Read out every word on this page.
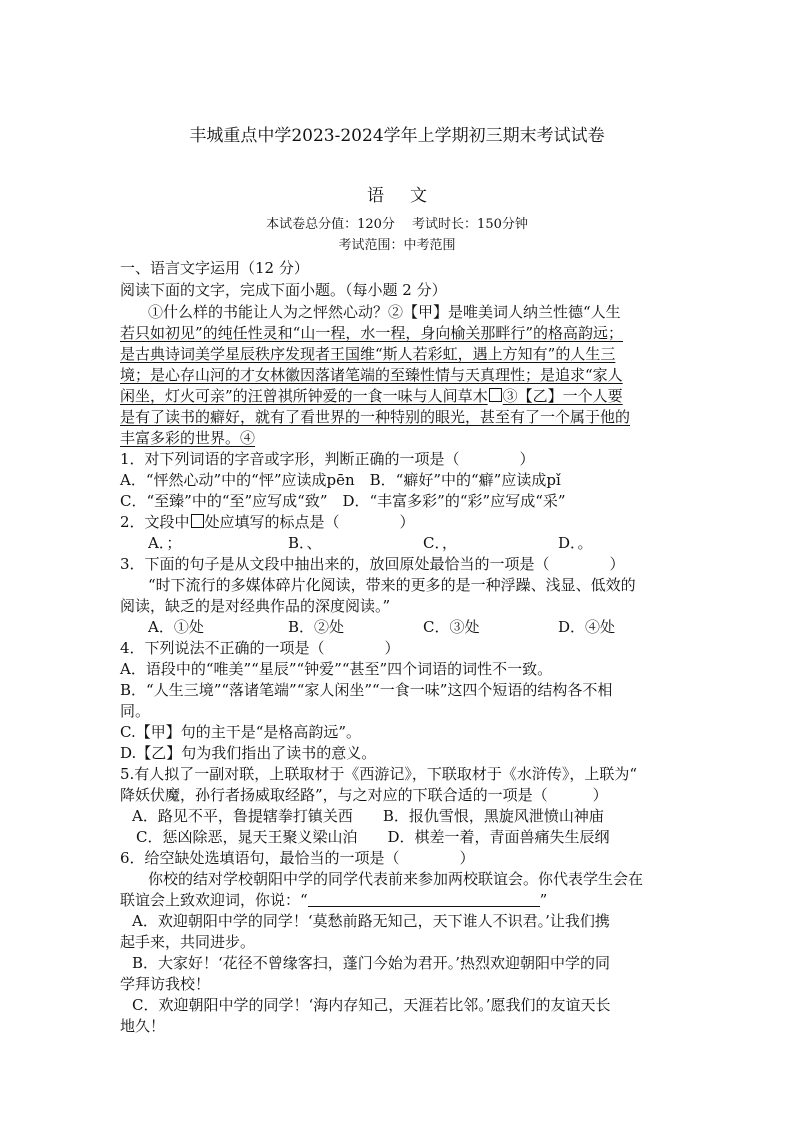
丰城重点中学2023-2024学年上学期初三期末考试试卷
语文
本试卷总分值：120分　 考试时长：150分钟
考试范围：中考范围
一、语言文字运用（12 分）
阅读下面的文字，完成下面小题。（每小题 2 分）
①什么样的书能让人为之怦然心动？②【甲】是唯美词人纳兰性德“人生
若只如初见”的纯任性灵和“山一程，水一程，身向榆关那畔行”的格高韵远；
是古典诗词美学星辰秩序发现者王国维“斯人若彩虹，遇上方知有”的人生三
境；是心存山河的才女林徽因落诸笔端的至臻性情与天真理性；是追求“家人
闲坐，灯火可亲”的汪曾祺所钟爱的一食一味与人间草木 ③【乙】一个人要
是有了读书的癖好，就有了看世界的一种特别的眼光，甚至有了一个属于他的
丰富多彩的世界。④
1．对下列词语的字音或字形，判断正确的一项是（　　　　）
A．“怦然心动”中的“怦”应读成pēn　B．“癖好”中的“癖”应读成pǐ
C．“至臻”中的“至”应写成“致”　D．“丰富多彩”的“彩”应写成“采”
2．文段中 处应填写的标点是（　　　　）
A．；	B．、	C．，	D．。
3．下面的句子是从文段中抽出来的，放回原处最恰当的一项是（　　　　）
“时下流行的多媒体碎片化阅读，带来的更多的是一种浮躁、浅显、低效的
阅读，缺乏的是对经典作品的深度阅读。”
A．①处	B．②处	C．③处	D．④处
4．下列说法不正确的一项是（　　　　）
A．语段中的“唯美”“星辰”“钟爱”“甚至”四个词语的词性不一致。
B．“人生三境”“落诸笔端”“家人闲坐”“一食一味”这四个短语的结构各不相
同。
C.【甲】句的主干是“是格高韵远”。
D.【乙】句为我们指出了读书的意义。
5.有人拟了一副对联，上联取材于《西游记》，下联取材于《水浒传》，上联为“
降妖伏魔，孙行者扬威取经路”，与之对应的下联合适的一项是（　　　）
A．路见不平，鲁提辖拳打镇关西　　B．报仇雪恨，黑旋风泄愤山神庙
C．惩凶除恶，晁天王聚义梁山泊　　D．棋差一着，青面兽痛失生辰纲
6．给空缺处选填语句，最恰当的一项是（　　　　）
你校的结对学校朝阳中学的同学代表前来参加两校联谊会。你代表学生会在
联谊会上致欢迎词，你说：“	”
A．欢迎朝阳中学的同学！‘莫愁前路无知己，天下谁人不识君。’让我们携
起手来，共同进步。
B．大家好！‘花径不曾缘客扫，蓬门今始为君开。’热烈欢迎朝阳中学的同
学拜访我校！
C．欢迎朝阳中学的同学！‘海内存知己，天涯若比邻。’愿我们的友谊天长
地久！
